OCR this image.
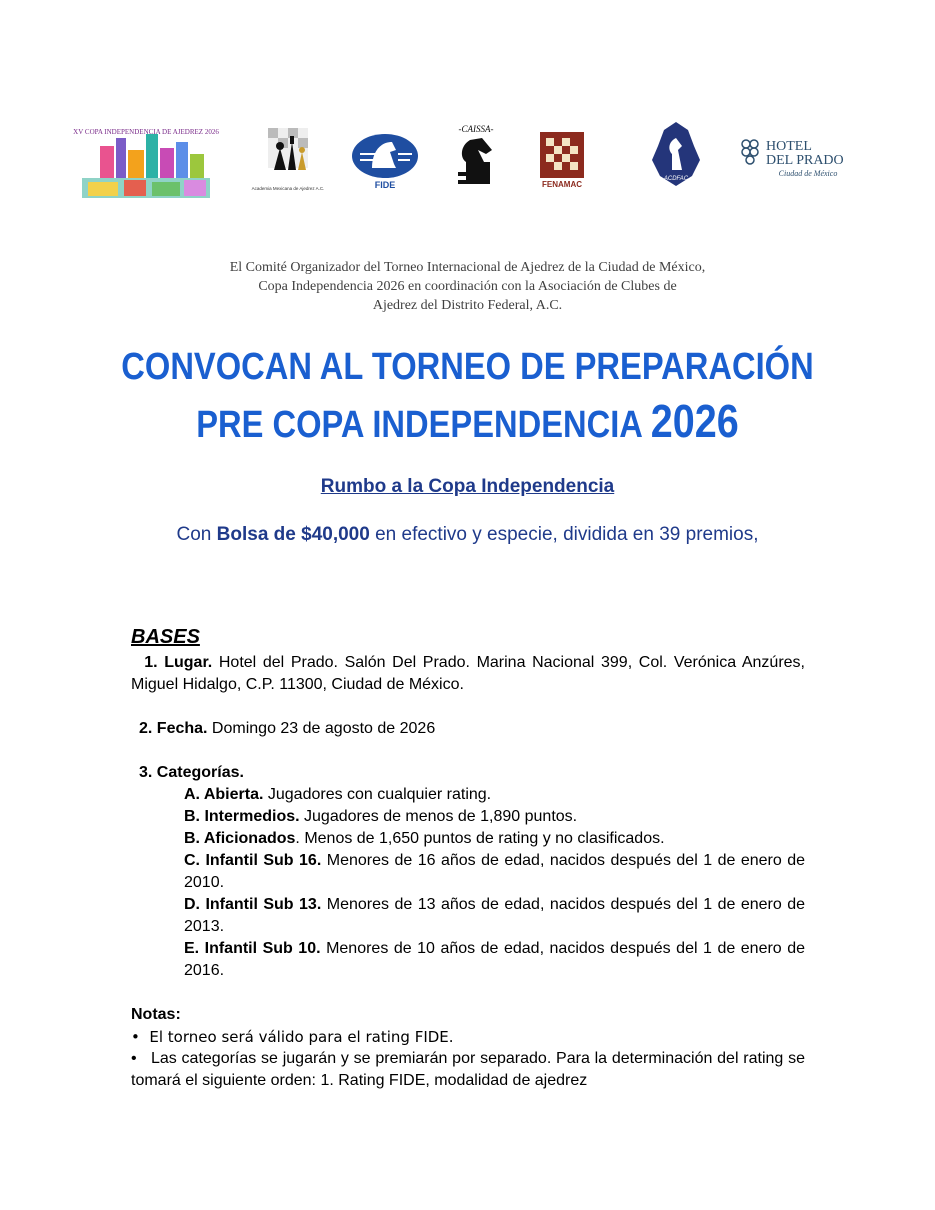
XV COPA INDEPENDENCIA DE AJEDREZ 2026
Academia Mexicana de Ajedrez A.C.	FIDE
-CAISSA-
FENAMAC
ACDFAC
HOTEL
DEL PRADO
Ciudad de México
El Comité Organizador del Torneo Internacional de Ajedrez de la Ciudad de México,
Copa Independencia 2026 en coordinación con la Asociación de Clubes de
Ajedrez del Distrito Federal, A.C.
CONVOCAN AL TORNEO DE PREPARACIÓN
PRE COPA INDEPENDENCIA 2026
Rumbo a la Copa Independencia
Con Bolsa de $40,000 en efectivo y especie, dividida en 39 premios,
BASES
1. Lugar. Hotel del Prado. Salón Del Prado. Marina Nacional 399, Col. Verónica Anzúres, Miguel Hidalgo, C.P. 11300, Ciudad de México.
2. Fecha. Domingo 23 de agosto de 2026
3. Categorías.
A. Abierta. Jugadores con cualquier rating.
B. Intermedios. Jugadores de menos de 1,890 puntos.
B. Aficionados. Menos de 1,650 puntos de rating y no clasificados.
C. Infantil Sub 16. Menores de 16 años de edad, nacidos después del 1 de enero de 2010.
D. Infantil Sub 13. Menores de 13 años de edad, nacidos después del 1 de enero de 2013.
E. Infantil Sub 10. Menores de 10 años de edad, nacidos después del 1 de enero de 2016.
Notas:
•  El torneo será válido para el rating FIDE.
•   Las categorías se jugarán y se premiarán por separado. Para la determinación del rating se tomará el siguiente orden: 1. Rating FIDE, modalidad de ajedrez
